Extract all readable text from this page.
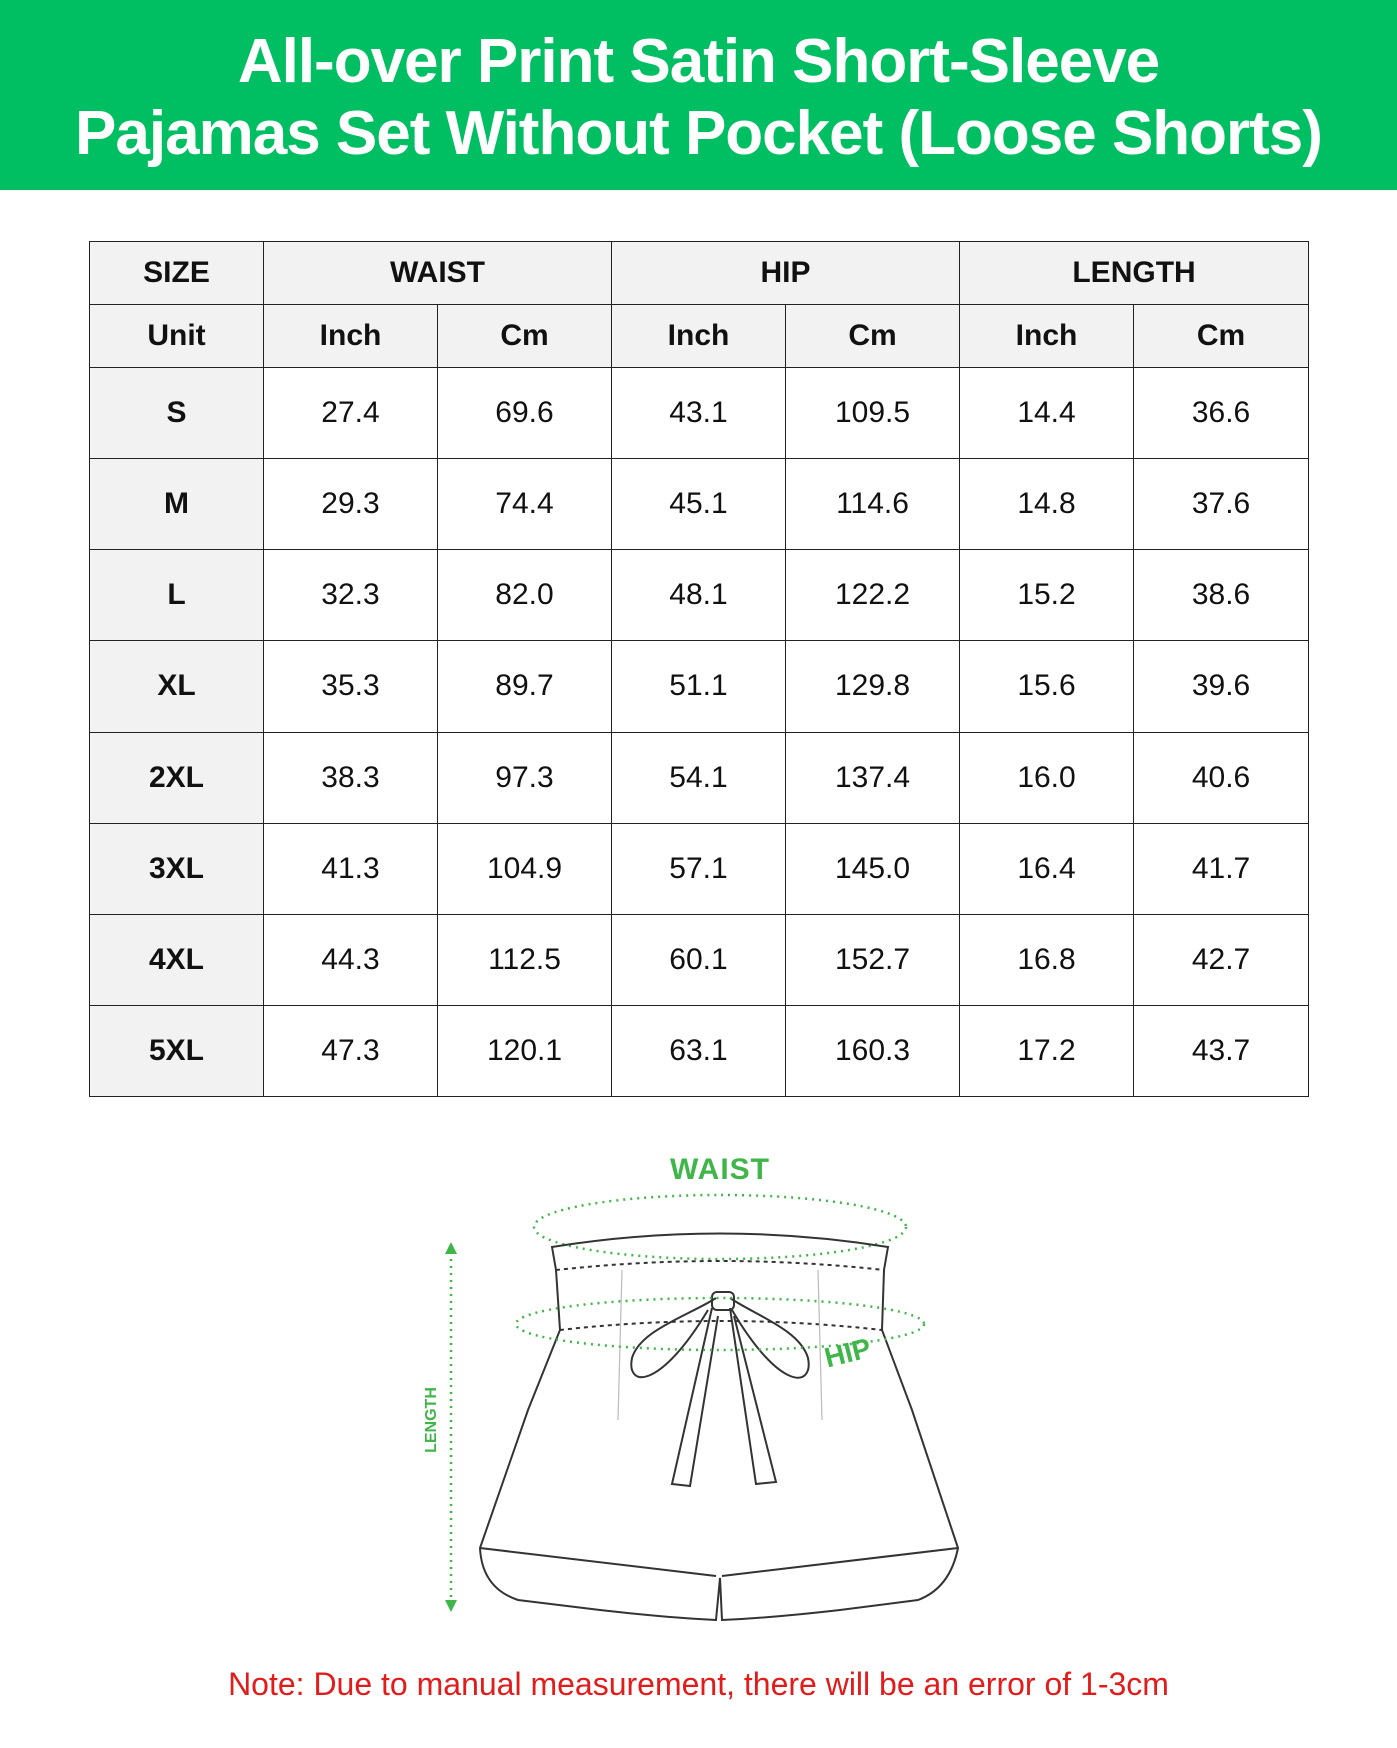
All-over Print Satin Short-Sleeve
Pajamas Set Without Pocket (Loose Shorts)
SIZE	WAIST		HIP		LENGTH	
Unit	Inch	Cm	Inch	Cm	Inch	Cm
S	27.4	69.6	43.1	109.5	14.4	36.6
M	29.3	74.4	45.1	114.6	14.8	37.6
L	32.3	82.0	48.1	122.2	15.2	38.6
XL	35.3	89.7	51.1	129.8	15.6	39.6
2XL	38.3	97.3	54.1	137.4	16.0	40.6
3XL	41.3	104.9	57.1	145.0	16.4	41.7
4XL	44.3	112.5	60.1	152.7	16.8	42.7
5XL	47.3	120.1	63.1	160.3	17.2	43.7
WAIST
HIP
LENGTH
Note: Due to manual measurement, there will be an error of 1-3cm
